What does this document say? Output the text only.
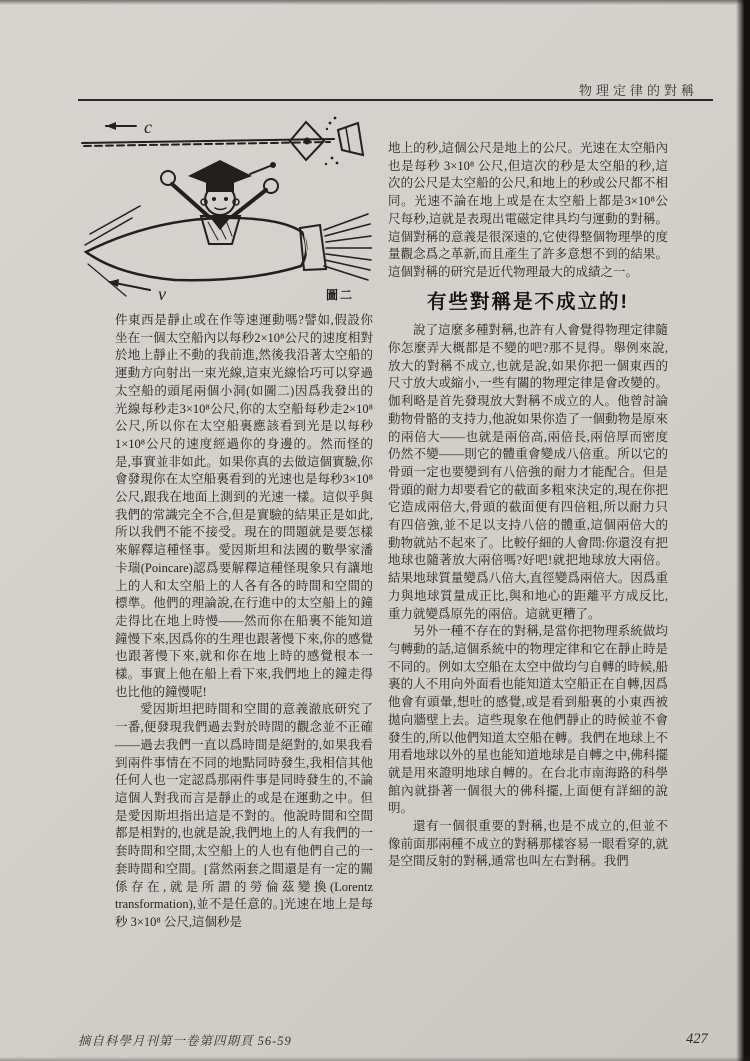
物理定律的對稱
c
v	圖二

件東西是靜止或在作等速運動嗎?譬如,假設你坐在一個太空船內以每秒2×10⁸公尺的速度相對於地上靜止不動的我前進,然後我沿著太空船的運動方向射出一束光線,這束光線恰巧可以穿過太空船的頭尾兩個小洞(如圖二)因爲我發出的光線每秒走3×10⁸公尺,你的太空船每秒走2×10⁸公尺,所以你在太空船裏應該看到光是以每秒1×10⁸公尺的速度經過你的身邊的。然而怪的是,事實並非如此。如果你真的去做這個實驗,你會發現你在太空船裏看到的光速也是每秒3×10⁸公尺,跟我在地面上測到的光速一樣。這似乎與我們的常識完全不合,但是實驗的結果正是如此,所以我們不能不接受。現在的問題就是要怎樣來解釋這種怪事。愛因斯坦和法國的數學家潘卡瑞(Poincare)認爲要解釋這種怪現象只有讓地上的人和太空船上的人各有各的時間和空間的標準。他們的理論說,在行進中的太空船上的鐘走得比在地上時慢——然而你在船裏不能知道鐘慢下來,因爲你的生理也跟著慢下來,你的感覺也跟著慢下來,就和你在地上時的感覺根本一樣。事實上他在船上看下來,我們地上的鐘走得也比他的鐘慢呢!

愛因斯坦把時間和空間的意義澈底研究了一番,便發現我們過去對於時間的觀念並不正確——過去我們一直以爲時間是絕對的,如果我看到兩件事情在不同的地點同時發生,我相信其他任何人也一定認爲那兩件事是同時發生的,不論這個人對我而言是靜止的或是在運動之中。但是愛因斯坦指出這是不對的。他說時間和空間都是相對的,也就是說,我們地上的人有我們的一套時間和空間,太空船上的人也有他們自己的一套時間和空間。[當然兩套之間還是有一定的關係存在,就是所謂的勞倫茲變換(Lorentz transformation),並不是任意的。]光速在地上是每秒 3×10⁸ 公尺,這個秒是

地上的秒,這個公尺是地上的公尺。光速在太空船內也是每秒 3×10⁸ 公尺,但這次的秒是太空船的秒,這次的公尺是太空船的公尺,和地上的秒或公尺都不相同。光速不論在地上或是在太空船上都是3×10⁸公尺每秒,這就是表現出電磁定律具均勻運動的對稱。這個對稱的意義是很深遠的,它使得整個物理學的度量觀念爲之革新,而且產生了許多意想不到的結果。這個對稱的研究是近代物理最大的成績之一。

有些對稱是不成立的!

說了這麼多種對稱,也許有人會覺得物理定律隨你怎麼弄大概都是不變的吧?那不見得。舉例來說,放大的對稱不成立,也就是說,如果你把一個東西的尺寸放大或縮小,一些有關的物理定律是會改變的。伽利略是首先發現放大對稱不成立的人。他曾討論動物骨骼的支持力,他說如果你造了一個動物是原來的兩倍大——也就是兩倍高,兩倍長,兩倍厚而密度仍然不變——則它的體重會變成八倍重。所以它的骨頭一定也要變到有八倍強的耐力才能配合。但是骨頭的耐力却要看它的截面多粗來決定的,現在你把它造成兩倍大,骨頭的截面便有四倍粗,所以耐力只有四倍強,並不足以支持八倍的體重,這個兩倍大的動物就站不起來了。比較仔細的人會問:你還沒有把地球也隨著放大兩倍嗎?好吧!就把地球放大兩倍。結果地球質量變爲八倍大,直徑變爲兩倍大。因爲重力與地球質量成正比,與和地心的距離平方成反比,重力就變爲原先的兩倍。這就更糟了。

另外一種不存在的對稱,是當你把物理系統做均勻轉動的話,這個系統中的物理定律和它在靜止時是不同的。例如太空船在太空中做均勻自轉的時候,船裏的人不用向外面看也能知道太空船正在自轉,因爲他會有頭暈,想吐的感覺,或是看到船裏的小東西被拋向牆壁上去。這些現象在他們靜止的時候並不會發生的,所以他們知道太空船在轉。我們在地球上不用看地球以外的星也能知道地球是自轉之中,佛科擺就是用來證明地球自轉的。在台北市南海路的科學館內就掛著一個很大的佛科擺,上面便有詳細的說明。

還有一個很重要的對稱,也是不成立的,但並不像前面那兩種不成立的對稱那樣容易一眼看穿的,就是空間反射的對稱,通常也叫左右對稱。我們

摘自科學月刊第一卷第四期頁 56-59	427
